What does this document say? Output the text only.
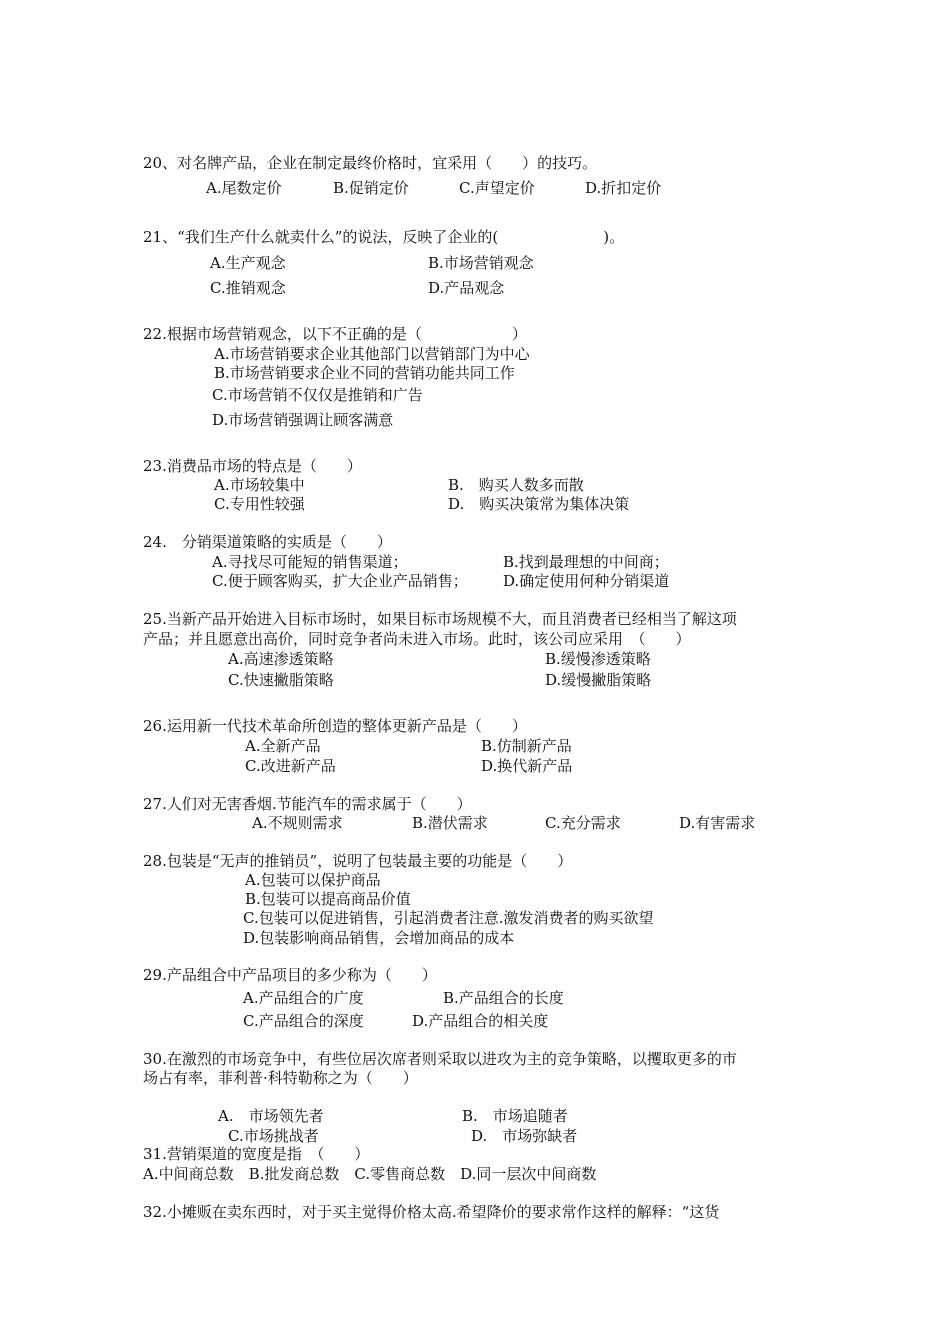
20、对名牌产品，企业在制定最终价格时，宜采用（　　）的技巧。
A.尾数定价	B.促销定价	C.声望定价	D.折扣定价
21、“我们生产什么就卖什么”的说法，反映了企业的(　　　　　　　)。
A.生产观念	B.市场营销观念
C.推销观念	D.产品观念
22.根据市场营销观念，以下不正确的是（　　　　　　）
A.市场营销要求企业其他部门以营销部门为中心
B.市场营销要求企业不同的营销功能共同工作
C.市场营销不仅仅是推销和广告
D.市场营销强调让顾客满意
23.消费品市场的特点是（　　）
A.市场较集中	B.　购买人数多而散
C.专用性较强	D.　购买决策常为集体决策
24.　分销渠道策略的实质是（　　）
A.寻找尽可能短的销售渠道；	B.找到最理想的中间商；
C.便于顾客购买，扩大企业产品销售； D.确定使用何种分销渠道
25.当新产品开始进入目标市场时，如果目标市场规模不大，而且消费者已经相当了解这项
产品；并且愿意出高价，同时竞争者尚未进入市场。此时，该公司应采用　（　　）
A.高速渗透策略	B.缓慢渗透策略
C.快速撇脂策略	D.缓慢撇脂策略
26.运用新一代技术革命所创造的整体更新产品是（　　）
A.全新产品	B.仿制新产品
C.改进新产品	D.换代新产品
27.人们对无害香烟.节能汽车的需求属于（　　）
A.不规则需求	B.潜伏需求	C.充分需求	D.有害需求
28.包装是“无声的推销员”，说明了包装最主要的功能是（　　）
A.包装可以保护商品
B.包装可以提高商品价值
C.包装可以促进销售，引起消费者注意.激发消费者的购买欲望
D.包装影响商品销售，会增加商品的成本
29.产品组合中产品项目的多少称为（　　）
A.产品组合的广度	B.产品组合的长度
C.产品组合的深度	D.产品组合的相关度
30.在激烈的市场竞争中，有些位居次席者则采取以进攻为主的竞争策略，以攫取更多的市
场占有率，菲利普·科特勒称之为（　　）
A.　市场领先者	B.　市场追随者
C.市场挑战者	D.　市场弥缺者
31.营销渠道的宽度是指　（　　）
A.中间商总数　B.批发商总数　C.零售商总数　D.同一层次中间商数
32.小摊贩在卖东西时，对于买主觉得价格太高.希望降价的要求常作这样的解释：“这货
